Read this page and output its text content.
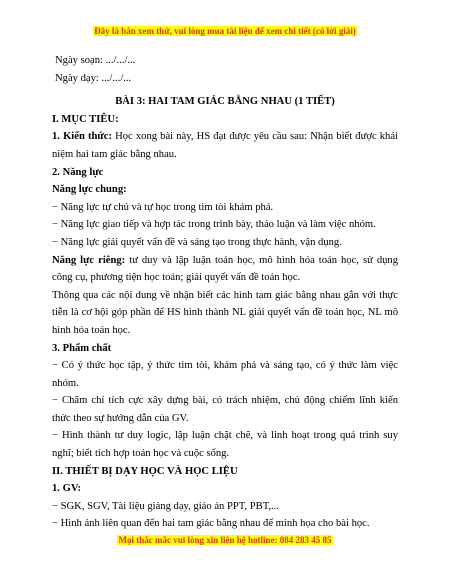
Đây là bản xem thử, vui lòng mua tài liệu để xem chi tiết (có lời giải)

Ngày soạn: .../.../...

Ngày dạy: .../.../...

BÀI 3: HAI TAM GIÁC BẰNG NHAU (1 TIẾT)

I. MỤC TIÊU:

1. Kiến thức: Học xong bài này, HS đạt được yêu cầu sau: Nhận biết được khái niệm hai tam giác bằng nhau.

2. Năng lực

Năng lực chung:

− Năng lực tự chủ và tự học trong tìm tòi khám phá.

− Năng lực giao tiếp và hợp tác trong trình bày, thảo luận và làm việc nhóm.

− Năng lực giải quyết vấn đề và sáng tạo trong thực hành, vận dụng.

Năng lực riêng: tư duy và lập luận toán học, mô hình hóa toán học, sử dụng công cụ, phương tiện học toán; giải quyết vấn đề toán học.

Thông qua các nội dung về nhận biết các hình tam giác bằng nhau gắn với thực tiễn là cơ hội góp phần để HS hình thành NL giải quyết vấn đề toán học, NL mô hình hóa toán học.

3. Phẩm chất

− Có ý thức học tập, ý thức tìm tòi, khám phá và sáng tạo, có ý thức làm việc nhóm.

− Chăm chỉ tích cực xây dựng bài, có trách nhiệm, chủ động chiếm lĩnh kiến thức theo sự hướng dẫn của GV.

− Hình thành tư duy logic, lập luận chặt chẽ, và linh hoạt trong quá trình suy nghĩ; biết tích hợp toán học và cuộc sống.

II. THIẾT BỊ DẠY HỌC VÀ HỌC LIỆU

1. GV:

− SGK, SGV, Tài liệu giảng dạy, giáo án PPT, PBT,...

− Hình ảnh liên quan đến hai tam giác bằng nhau để minh họa cho bài học.

Mọi thắc mắc vui lòng xin liên hệ hotline: 084 283 45 85
